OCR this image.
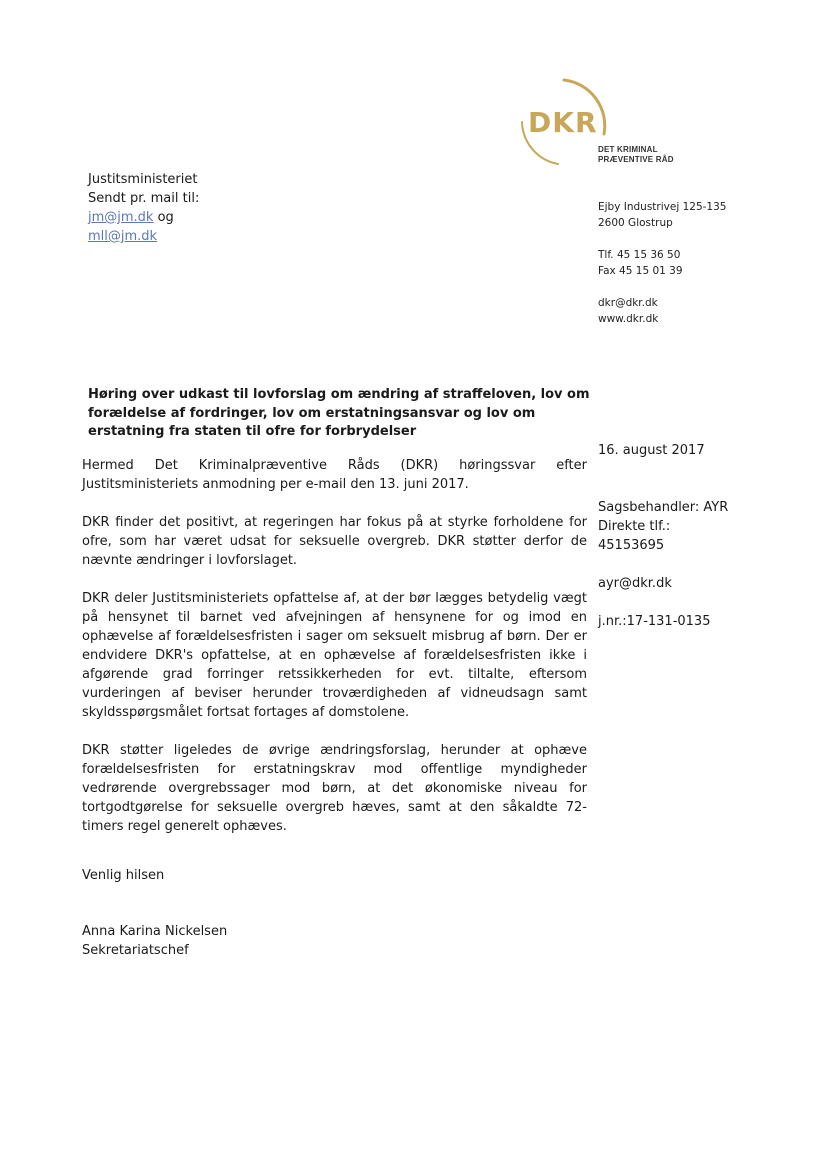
DKR
DET KRIMINAL
PRÆVENTIVE RÅD
Justitsministeriet
Sendt pr. mail til:
jm@jm.dk og
mll@jm.dk
Ejby Industrivej 125-135
2600 Glostrup
Tlf. 45 15 36 50
Fax 45 15 01 39
dkr@dkr.dk
www.dkr.dk
Høring over udkast til lovforslag om ændring af straffeloven, lov om forældelse af fordringer, lov om erstatningsansvar og lov om erstatning fra staten til ofre for forbrydelser
16. august 2017
Sagsbehandler: AYR
Direkte tlf.:
45153695
ayr@dkr.dk
j.nr.:17-131-0135

Hermed Det Kriminalpræventive Råds (DKR) høringssvar efter Justitsministeriets anmodning per e-mail den 13. juni 2017.

DKR finder det positivt, at regeringen har fokus på at styrke forholdene for ofre, som har været udsat for seksuelle overgreb. DKR støtter derfor de nævnte ændringer i lovforslaget.

DKR deler Justitsministeriets opfattelse af, at der bør lægges betydelig vægt på hensynet til barnet ved afvejningen af hensynene for og imod en ophævelse af forældelsesfristen i sager om seksuelt misbrug af børn. Der er endvidere DKR's opfattelse, at en ophævelse af forældelsesfristen ikke i afgørende grad forringer retssikkerheden for evt. tiltalte, eftersom vurderingen af beviser herunder troværdigheden af vidneudsagn samt skyldsspørgsmålet fortsat fortages af domstolene.

DKR støtter ligeledes de øvrige ændringsforslag, herunder at ophæve forældelsesfristen for erstatningskrav mod offentlige myndigheder vedrørende overgrebssager mod børn, at det økonomiske niveau for tortgodtgørelse for seksuelle overgreb hæves, samt at den såkaldte 72-timers regel generelt ophæves.

Venlig hilsen
Anna Karina Nickelsen
Sekretariatschef
